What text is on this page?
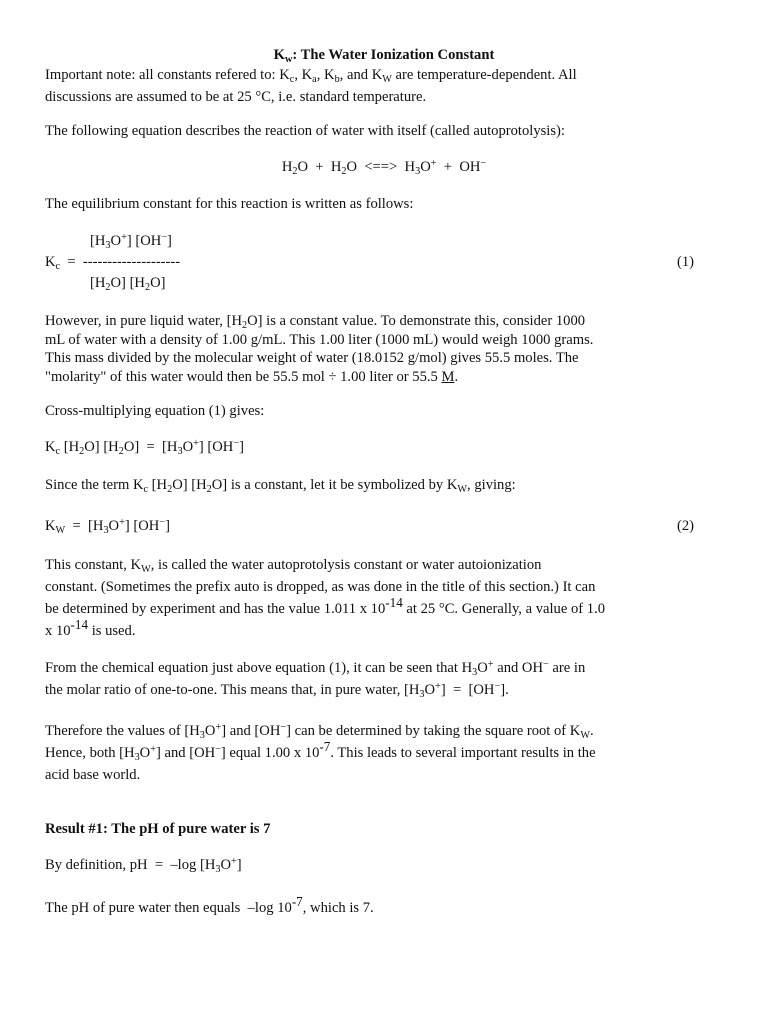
$K_w$: The Water Ionization Constant
Important note: all constants refered to: $K_c$, $K_a$, $K_b$, and $K_W$ are temperature-dependent. All
discussions are assumed to be at 25 °C, i.e. standard temperature.
The following equation describes the reaction of water with itself (called autoprotolysis):
$H_2O + H_2O$  <==>  $H_3O^+ + OH^-$
The equilibrium constant for this reaction is written as follows:
$[H_3O^+]$ [OH−]
$K_c$  =  --------------------	(1)
$[H_2O]$ $[H_2O]$
However, in pure liquid water, $[H_2O]$ is a constant value. To demonstrate this, consider 1000
mL of water with a density of 1.00 g/mL. This 1.00 liter (1000 mL) would weigh 1000 grams.
This mass divided by the molecular weight of water (18.0152 g/mol) gives 55.5 moles. The
"molarity" of this water would then be 55.5 mol ÷ 1.00 liter or 55.5 M.
Cross-multiplying equation (1) gives:
$K_c$ $[H_2O] [H_2O] = [H_3O^+]$ [OH−]
Since the term $K_c$ $[H_2O]$ $[H_2O]$ is a constant, let it be symbolized by $K_W$, giving:
$K_W = [H_3O^+]$ [OH−]	(2)
This constant, $K_W$, is called the water autoprotolysis constant or water autoionization
constant. (Sometimes the prefix auto is dropped, as was done in the title of this section.) It can
be determined by experiment and has the value 1.011 x $10^{-14}$ at 25 °C. Generally, a value of 1.0
x $10^{-14}$ is used.
From the chemical equation just above equation (1), it can be seen that $H_3O^+$ and OH− are in
the molar ratio of one-to-one. This means that, in pure water, $[H_3O^+] = [OH^-]$.
Therefore the values of $[H_3O^+]$ and [OH−] can be determined by taking the square root of $K_W$.
Hence, both $[H_3O^+]$ and [OH−] equal 1.00 x $10^{-7}$. This leads to several important results in the
acid base world.
Result #1: The pH of pure water is 7
By definition, pH  =  –log $[H_3O^+]$
The pH of pure water then equals  –log $10^{-7}$, which is 7.
